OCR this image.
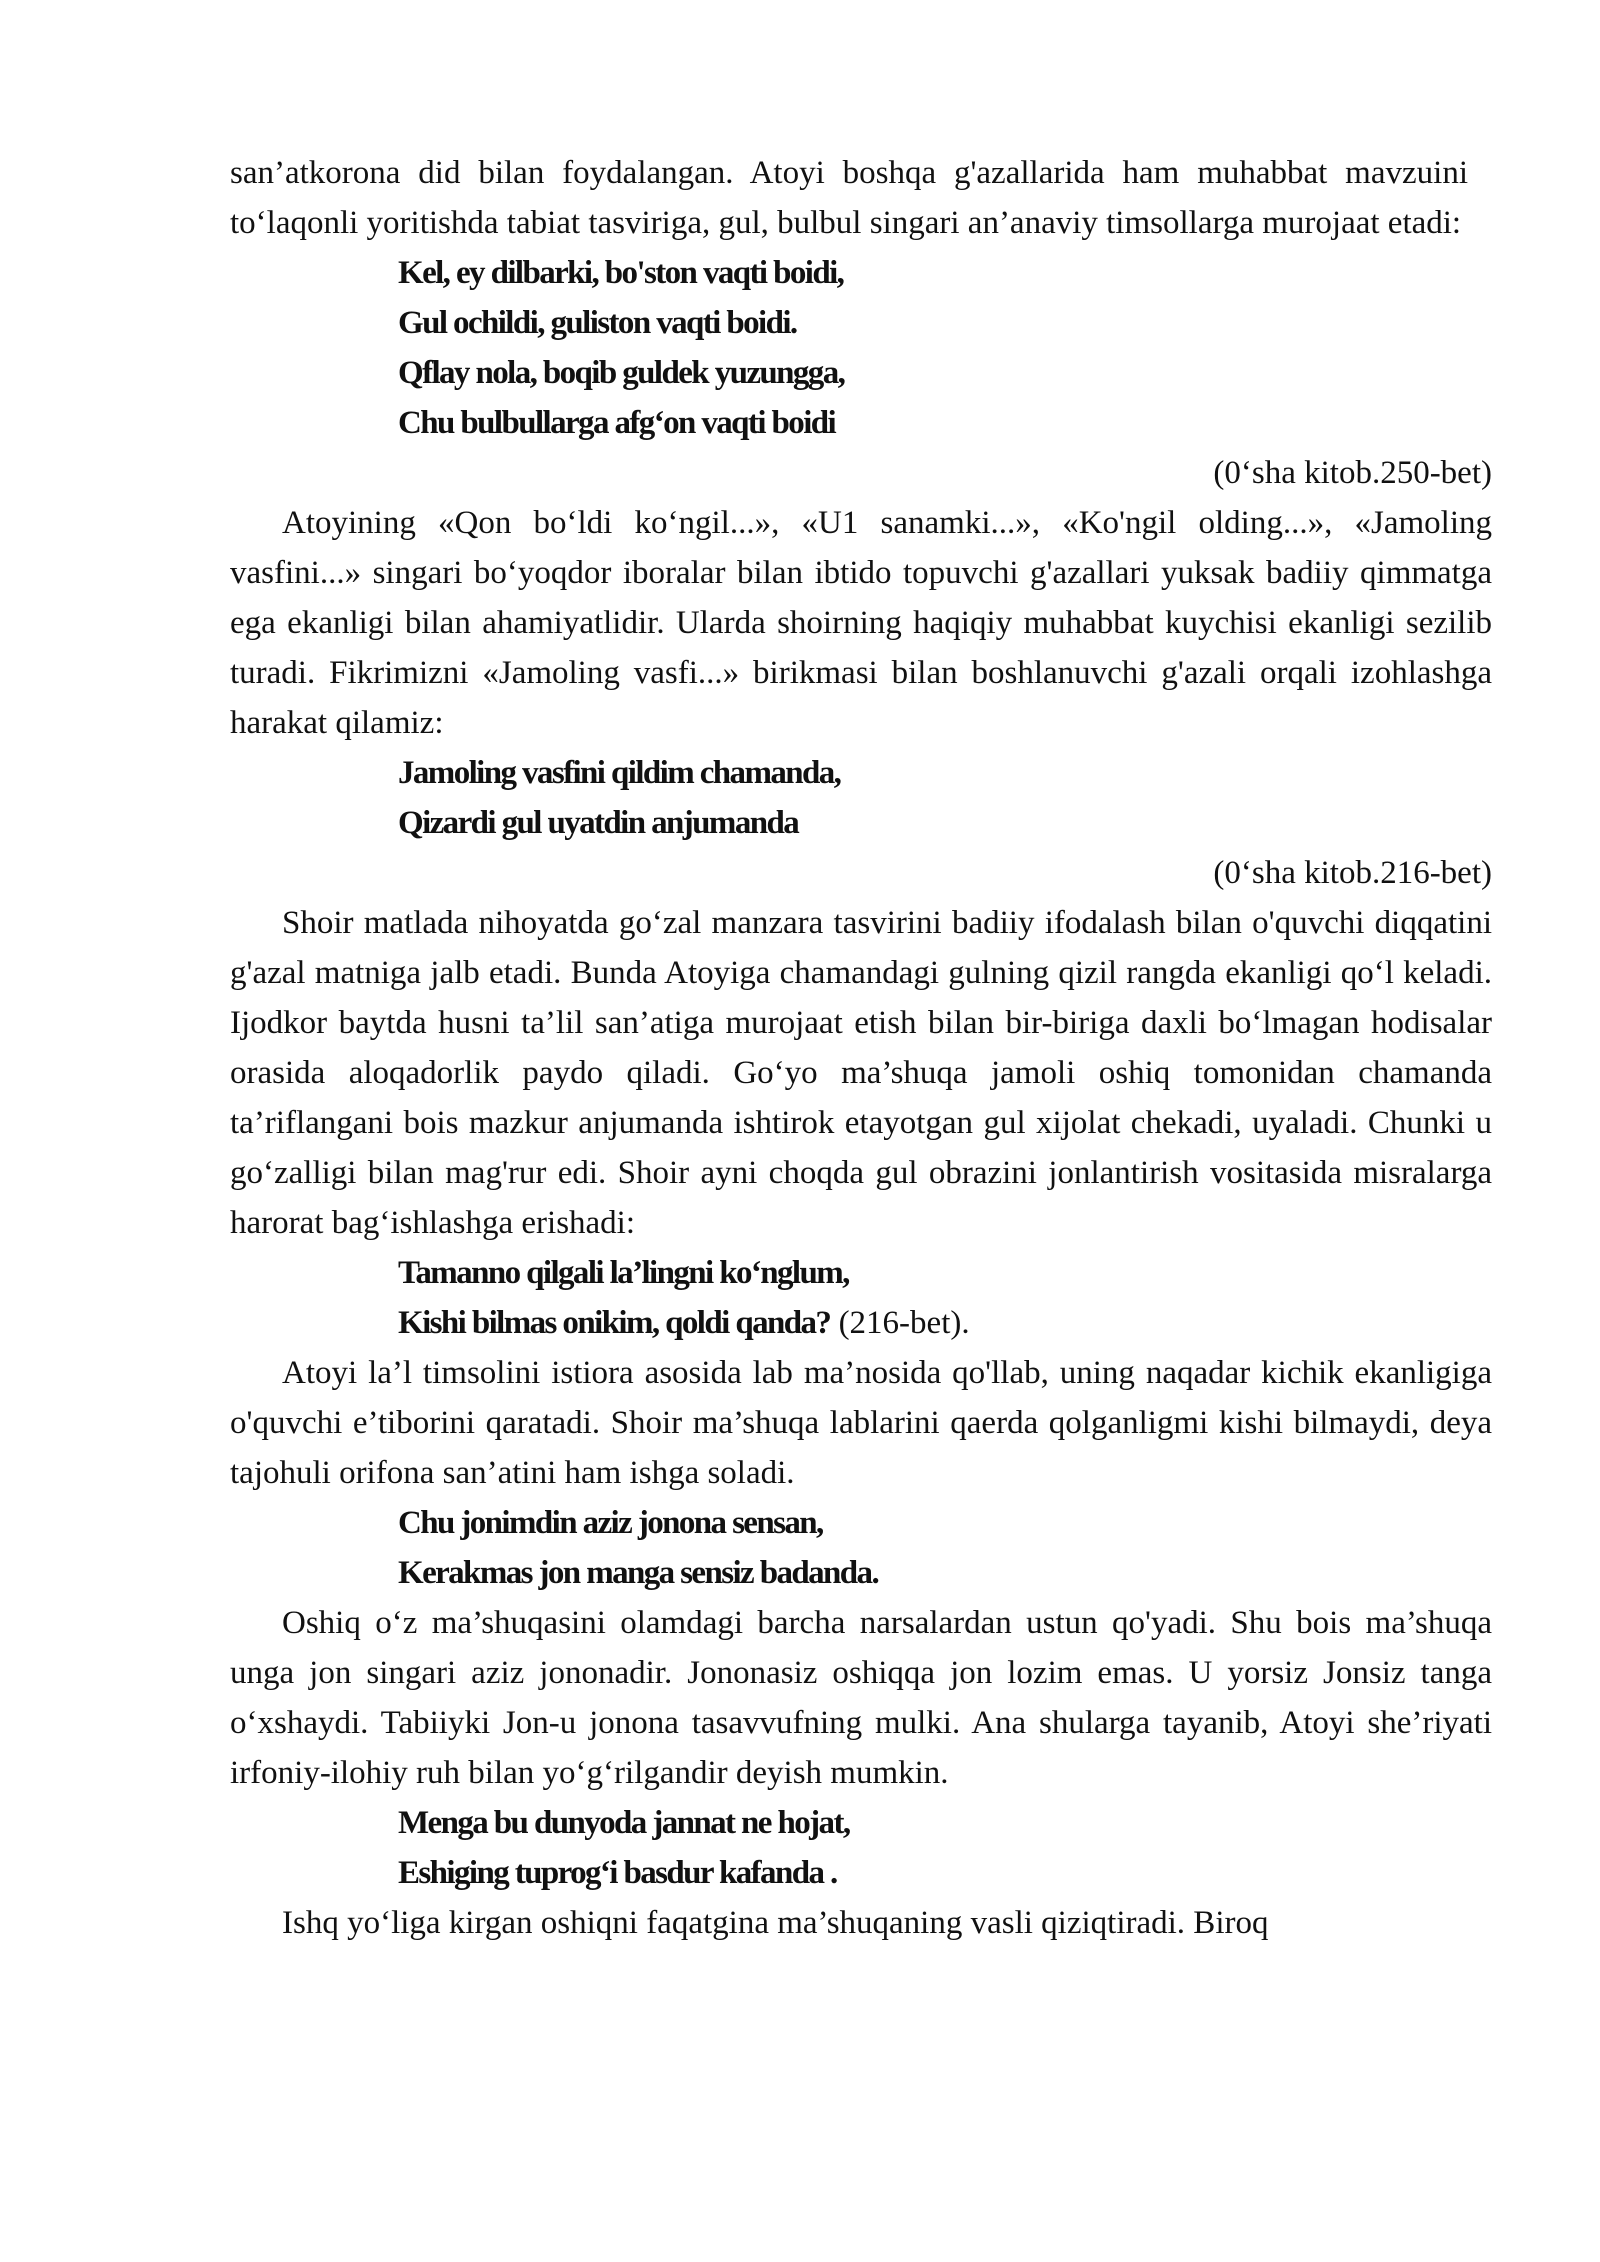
san’atkorona did bilan foydalangan. Atoyi boshqa g'azallarida ham muhabbat mavzuini to‘laqonli yoritishda tabiat tasviriga, gul, bulbul singari an’anaviy timsollarga murojaat etadi:

Kel, ey dilbarki, bo'ston vaqti boidi,

Gul ochildi, guliston vaqti boidi.

Qflay nola, boqib guldek yuzungga,

Chu bulbullarga afg‘on vaqti boidi

(0‘sha kitob.250-bet)

Atoyining «Qon bo‘ldi ko‘ngil...», «U1 sanamki...», «Ko'ngil olding...», «Jamoling vasfini...» singari bo‘yoqdor iboralar bilan ibtido topuvchi g'azallari yuksak badiiy qimmatga ega ekanligi bilan ahamiyatlidir. Ularda shoirning haqiqiy muhabbat kuychisi ekanligi sezilib turadi. Fikrimizni «Jamoling vasfi...» birikmasi bilan boshlanuvchi g'azali orqali izohlashga harakat qilamiz:

Jamoling vasfini qildim chamanda,

Qizardi gul uyatdin anjumanda

(0‘sha kitob.216-bet)

Shoir matlada nihoyatda go‘zal manzara tasvirini badiiy ifodalash bilan o'quvchi diqqatini g'azal matniga jalb etadi. Bunda Atoyiga chamandagi gulning qizil rangda ekanligi qo‘l keladi. Ijodkor baytda husni ta’lil san’atiga murojaat etish bilan bir-biriga daxli bo‘lmagan hodisalar orasida aloqadorlik paydo qiladi. Go‘yo ma’shuqa jamoli oshiq tomonidan chamanda ta’riflangani bois mazkur anjumanda ishtirok etayotgan gul xijolat chekadi, uyaladi. Chunki u go‘zalligi bilan mag'rur edi. Shoir ayni choqda gul obrazini jonlantirish vositasida misralarga harorat bag‘ishlashga erishadi:

Tamanno qilgali la’lingni ko‘nglum,

Kishi bilmas onikim, qoldi qanda? (216-bet).

Atoyi la’l timsolini istiora asosida lab ma’nosida qo'llab, uning naqadar kichik ekanligiga o'quvchi e’tiborini qaratadi. Shoir ma’shuqa lablarini qaerda qolganligmi kishi bilmaydi, deya tajohuli orifona san’atini ham ishga soladi.

Chu jonimdin aziz jonona sensan,

Kerakmas jon manga sensiz badanda.

Oshiq o‘z ma’shuqasini olamdagi barcha narsalardan ustun qo'yadi. Shu bois ma’shuqa unga jon singari aziz jononadir. Jononasiz oshiqqa jon lozim emas. U yorsiz Jonsiz tanga o‘xshaydi. Tabiiyki Jon-u jonona tasavvufning mulki. Ana shularga tayanib, Atoyi she’riyati irfoniy-ilohiy ruh bilan yo‘g‘rilgandir deyish mumkin.

Menga bu dunyoda jannat ne hojat,

Eshiging tuprog‘i basdur kafanda .

Ishq yo‘liga kirgan oshiqni faqatgina ma’shuqaning vasli qiziqtiradi. Biroq
